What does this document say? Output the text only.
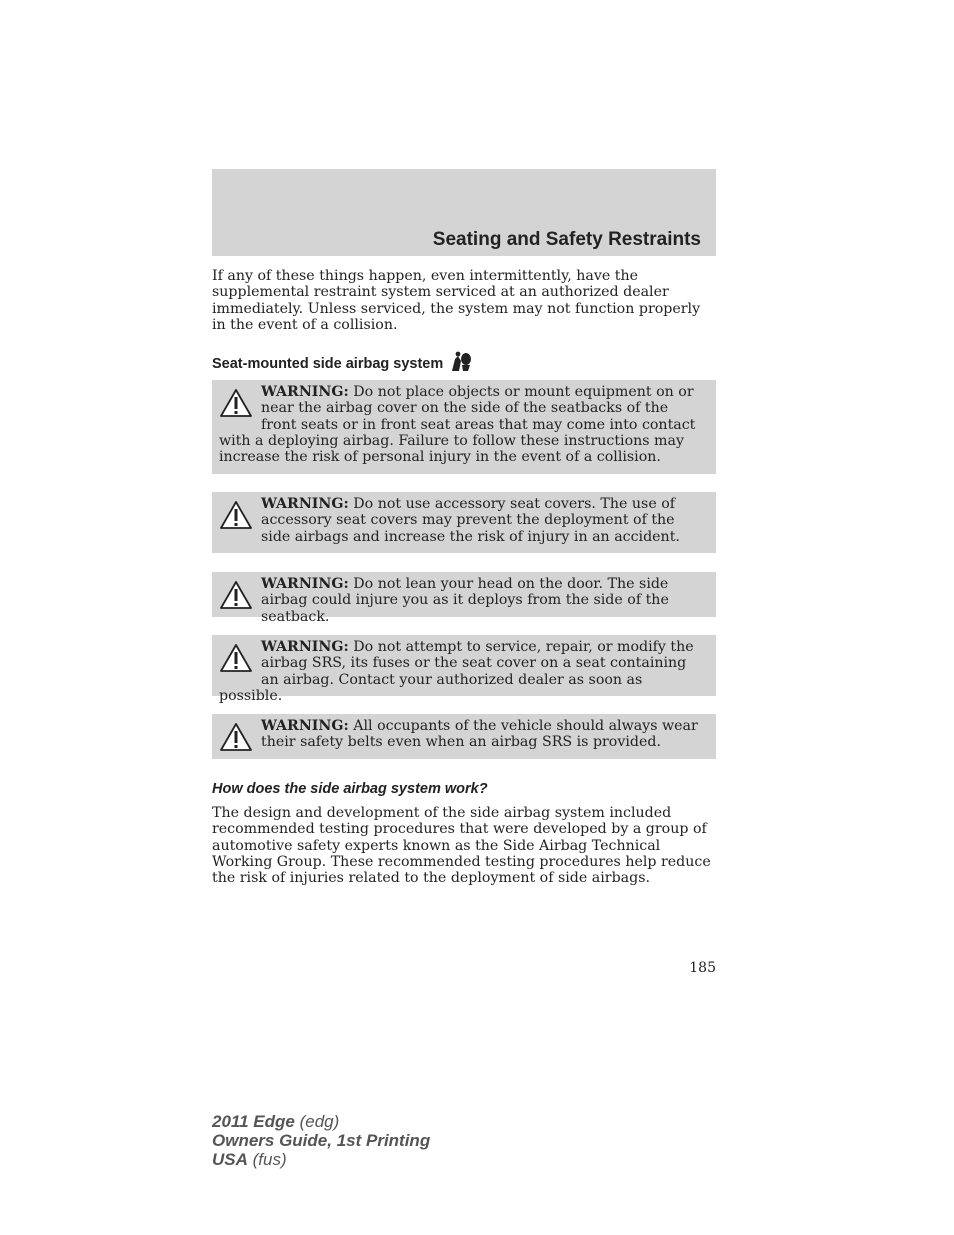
Seating and Safety Restraints
If any of these things happen, even intermittently, have the supplemental restraint system serviced at an authorized dealer immediately. Unless serviced, the system may not function properly in the event of a collision.
Seat-mounted side airbag system
WARNING: Do not place objects or mount equipment on or near the airbag cover on the side of the seatbacks of the front seats or in front seat areas that may come into contact with a deploying airbag. Failure to follow these instructions may increase the risk of personal injury in the event of a collision.
WARNING: Do not use accessory seat covers. The use of accessory seat covers may prevent the deployment of the side airbags and increase the risk of injury in an accident.
WARNING: Do not lean your head on the door. The side airbag could injure you as it deploys from the side of the seatback.
WARNING: Do not attempt to service, repair, or modify the airbag SRS, its fuses or the seat cover on a seat containing an airbag. Contact your authorized dealer as soon as possible.
WARNING: All occupants of the vehicle should always wear their safety belts even when an airbag SRS is provided.
How does the side airbag system work?
The design and development of the side airbag system included recommended testing procedures that were developed by a group of automotive safety experts known as the Side Airbag Technical Working Group. These recommended testing procedures help reduce the risk of injuries related to the deployment of side airbags.
185
2011 Edge (edg)
Owners Guide, 1st Printing
USA (fus)
